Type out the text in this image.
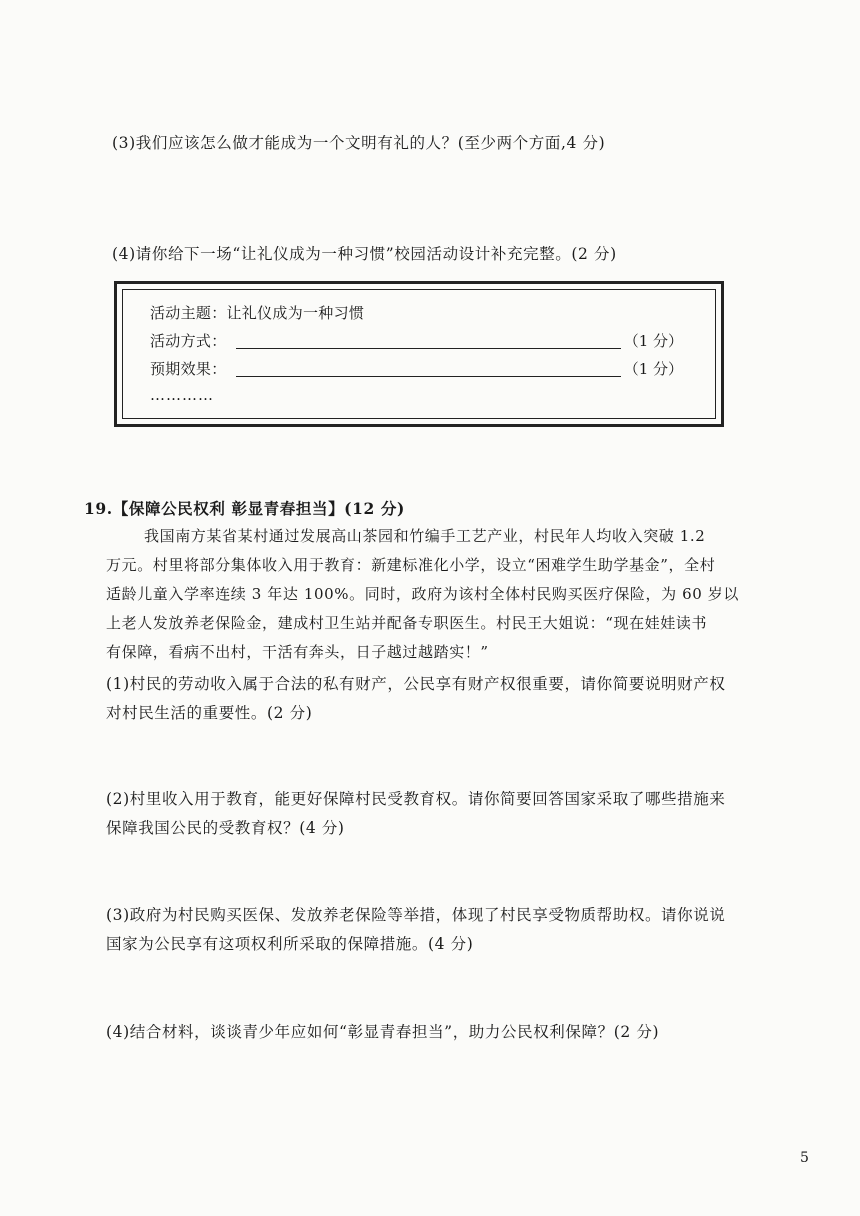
(3)我们应该怎么做才能成为一个文明有礼的人？(至少两个方面,4 分)
(4)请你给下一场“让礼仪成为一种习惯”校园活动设计补充完整。(2 分)
活动主题：让礼仪成为一种习惯
活动方式：	（1 分）
预期效果：	（1 分）
…………
19.【保障公民权利 彰显青春担当】(12 分)
我国南方某省某村通过发展高山茶园和竹编手工艺产业，村民年人均收入突破 1.2
万元。村里将部分集体收入用于教育：新建标准化小学，设立“困难学生助学基金”，全村
适龄儿童入学率连续 3 年达 100%。同时，政府为该村全体村民购买医疗保险，为 60 岁以
上老人发放养老保险金，建成村卫生站并配备专职医生。村民王大姐说：“现在娃娃读书
有保障，看病不出村，干活有奔头，日子越过越踏实！”
(1)村民的劳动收入属于合法的私有财产，公民享有财产权很重要，请你简要说明财产权
对村民生活的重要性。(2 分)
(2)村里收入用于教育，能更好保障村民受教育权。请你简要回答国家采取了哪些措施来
保障我国公民的受教育权？(4 分)
(3)政府为村民购买医保、发放养老保险等举措，体现了村民享受物质帮助权。请你说说
国家为公民享有这项权利所采取的保障措施。(4 分)
(4)结合材料，谈谈青少年应如何“彰显青春担当”，助力公民权利保障？(2 分)
5
